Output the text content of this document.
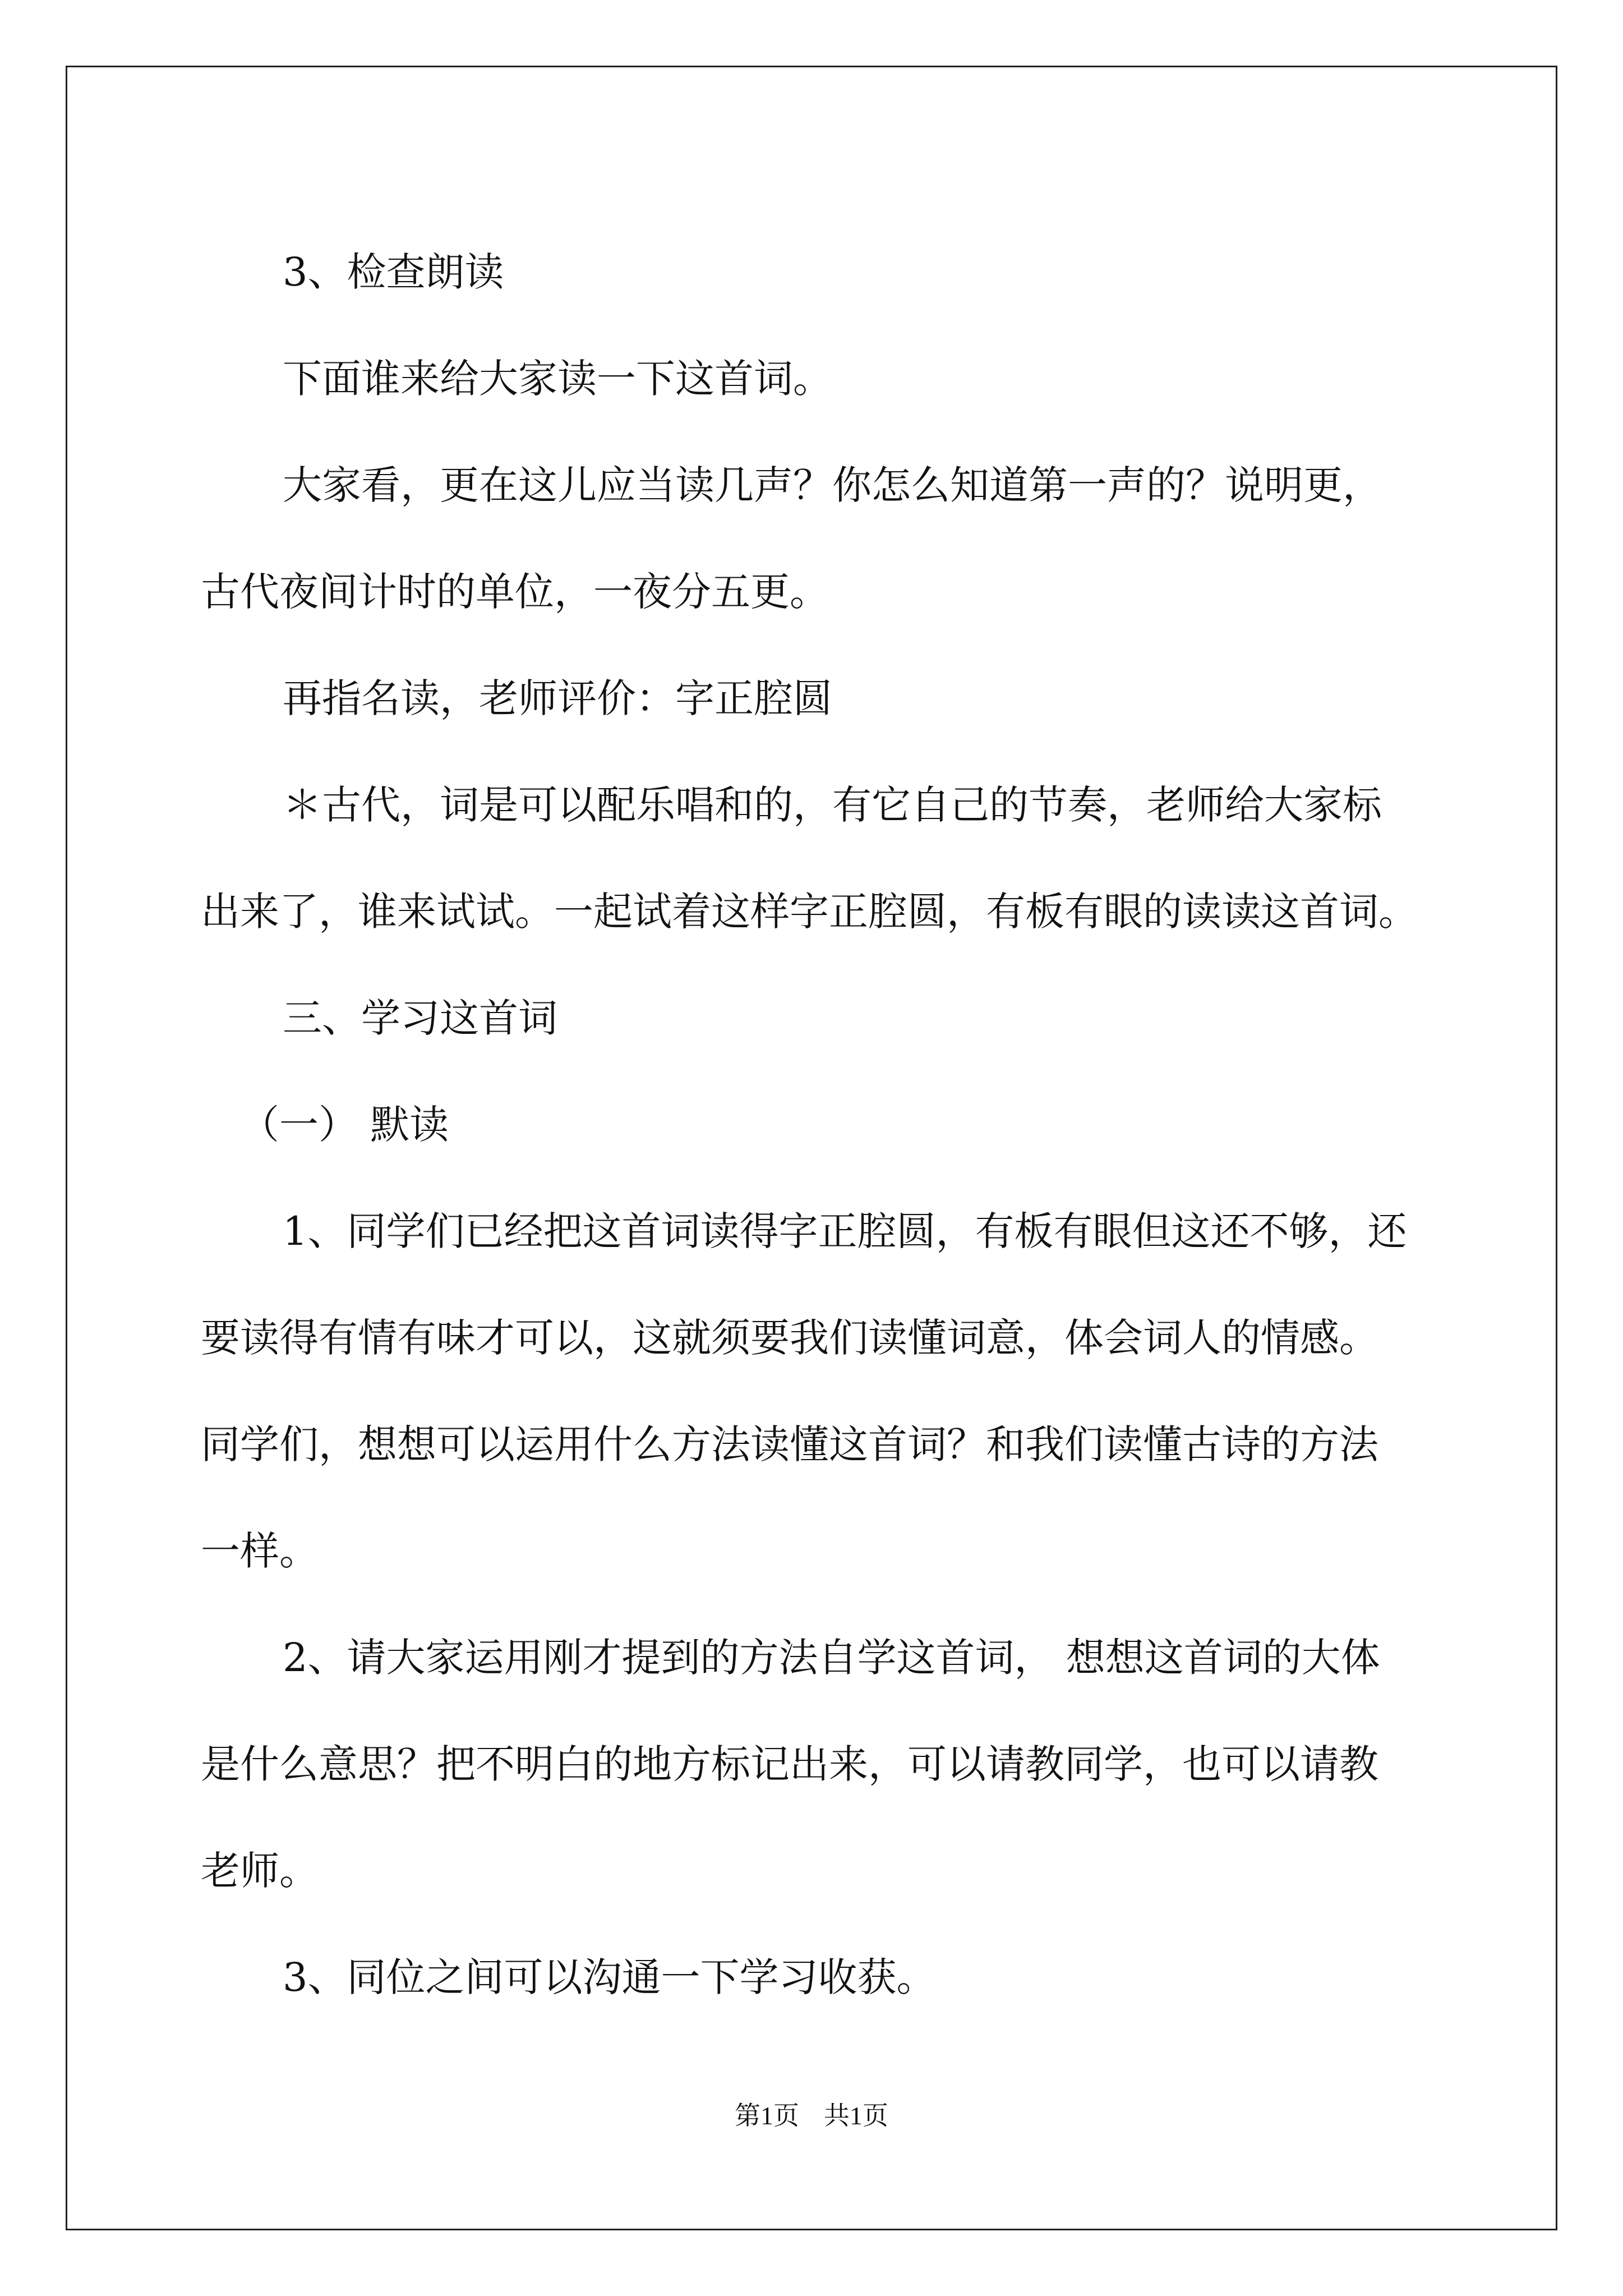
3、检查朗读

下面谁来给大家读一下这首词。

大家看，更在这儿应当读几声？你怎么知道第一声的？说明更，

古代夜间计时的单位，一夜分五更。

再指名读，老师评价：字正腔圆

＊古代，词是可以配乐唱和的，有它自己的节奏，老师给大家标

出来了，谁来试试。一起试着这样字正腔圆，有板有眼的读读这首词。

三、学习这首词

（一） 默读

1、同学们已经把这首词读得字正腔圆，有板有眼但这还不够，还

要读得有情有味才可以，这就须要我们读懂词意，体会词人的情感。

同学们，想想可以运用什么方法读懂这首词？和我们读懂古诗的方法

一样。

2、请大家运用刚才提到的方法自学这首词， 想想这首词的大体

是什么意思？把不明白的地方标记出来，可以请教同学，也可以请教

老师。

3、同位之间可以沟通一下学习收获。

第1页 共1页
